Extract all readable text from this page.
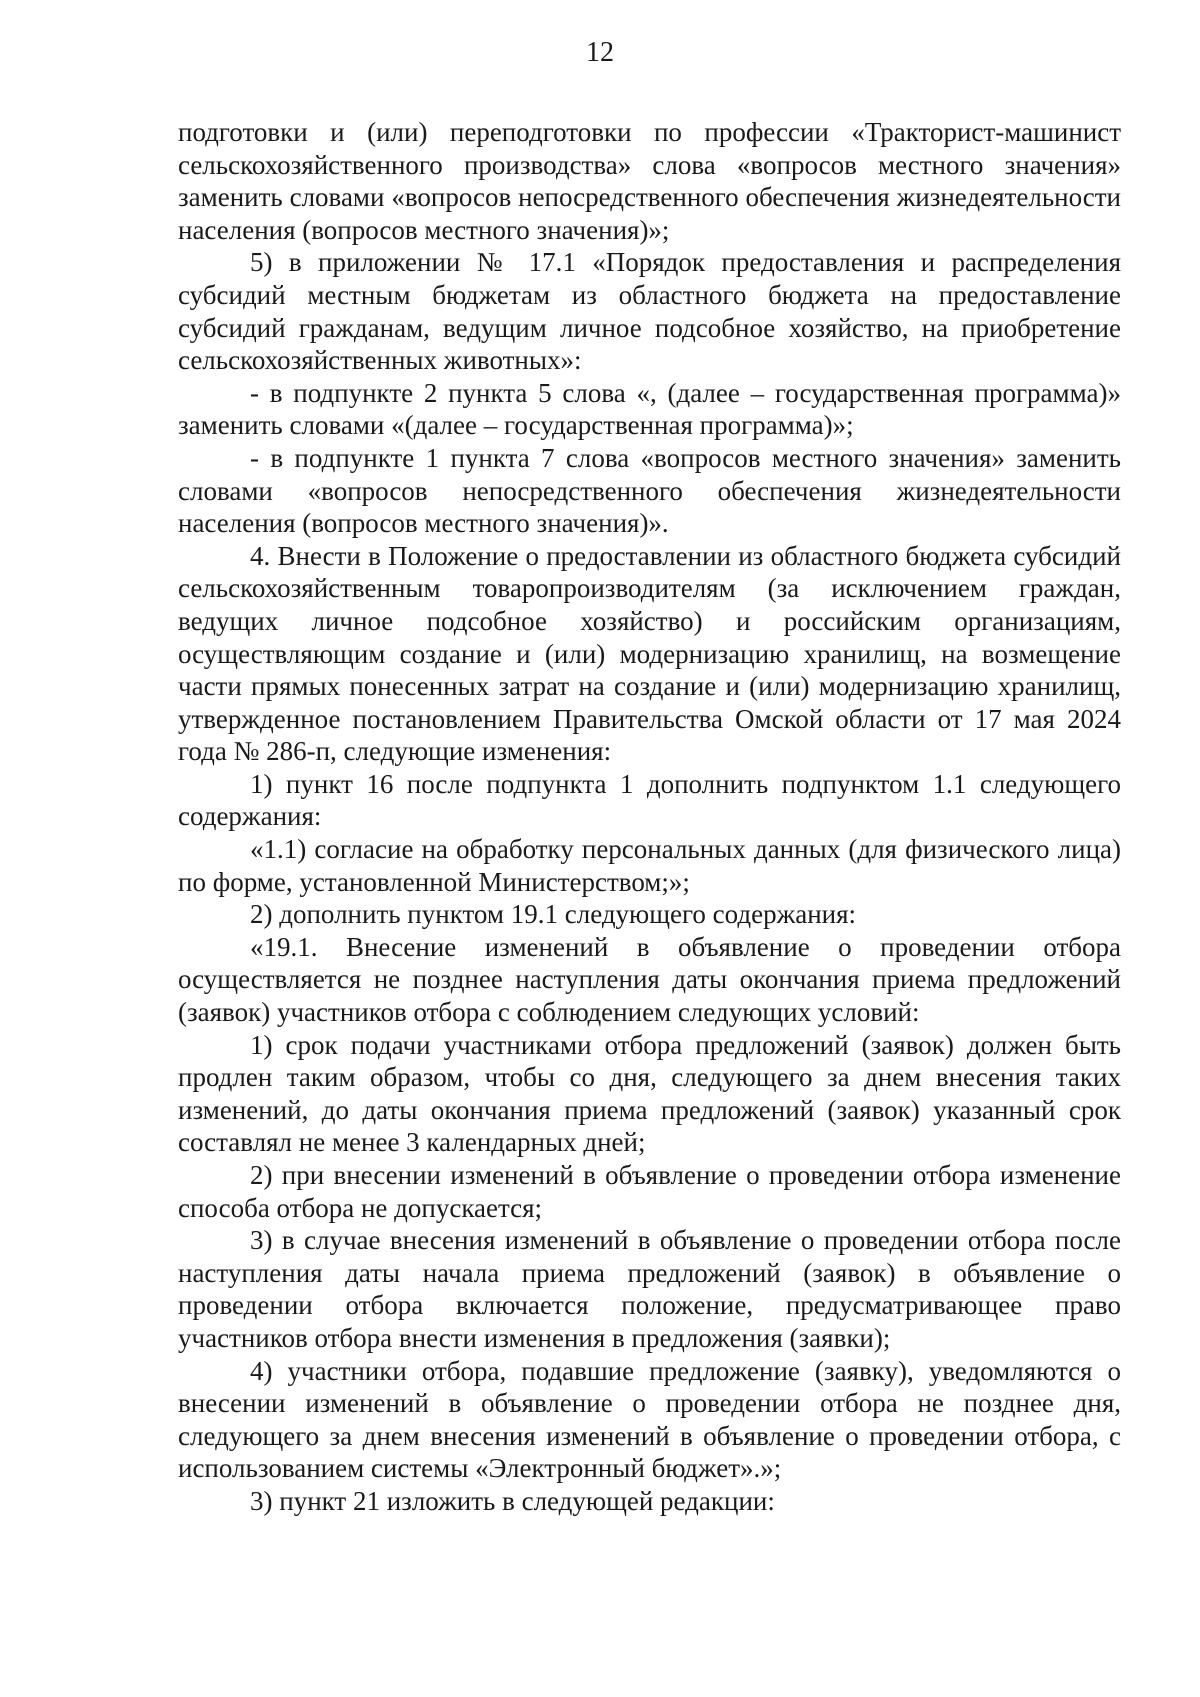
12

подготовки и (или) переподготовки по профессии «Тракторист-машинист сельскохозяйственного производства» слова «вопросов местного значения» заменить словами «вопросов непосредственного обеспечения жизнедеятельности населения (вопросов местного значения)»;

5) в приложении № 17.1 «Порядок предоставления и распределения субсидий местным бюджетам из областного бюджета на предоставление субсидий гражданам, ведущим личное подсобное хозяйство, на приобретение сельскохозяйственных животных»:

- в подпункте 2 пункта 5 слова «, (далее – государственная программа)» заменить словами «(далее – государственная программа)»;

- в подпункте 1 пункта 7 слова «вопросов местного значения» заменить словами «вопросов непосредственного обеспечения жизнедеятельности населения (вопросов местного значения)».

4. Внести в Положение о предоставлении из областного бюджета субсидий сельскохозяйственным товаропроизводителям (за исключением граждан, ведущих личное подсобное хозяйство) и российским организациям, осуществляющим создание и (или) модернизацию хранилищ, на возмещение части прямых понесенных затрат на создание и (или) модернизацию хранилищ, утвержденное постановлением Правительства Омской области от 17 мая 2024 года № 286-п, следующие изменения:

1) пункт 16 после подпункта 1 дополнить подпунктом 1.1 следующего содержания:

«1.1) согласие на обработку персональных данных (для физического лица) по форме, установленной Министерством;»;

2) дополнить пунктом 19.1 следующего содержания:

«19.1. Внесение изменений в объявление о проведении отбора осуществляется не позднее наступления даты окончания приема предложений (заявок) участников отбора с соблюдением следующих условий:

1) срок подачи участниками отбора предложений (заявок) должен быть продлен таким образом, чтобы со дня, следующего за днем внесения таких изменений, до даты окончания приема предложений (заявок) указанный срок составлял не менее 3 календарных дней;

2) при внесении изменений в объявление о проведении отбора изменение способа отбора не допускается;

3) в случае внесения изменений в объявление о проведении отбора после наступления даты начала приема предложений (заявок) в объявление о проведении отбора включается положение, предусматривающее право участников отбора внести изменения в предложения (заявки);

4) участники отбора, подавшие предложение (заявку), уведомляются о внесении изменений в объявление о проведении отбора не позднее дня, следующего за днем внесения изменений в объявление о проведении отбора, с использованием системы «Электронный бюджет».»;

3) пункт 21 изложить в следующей редакции:
